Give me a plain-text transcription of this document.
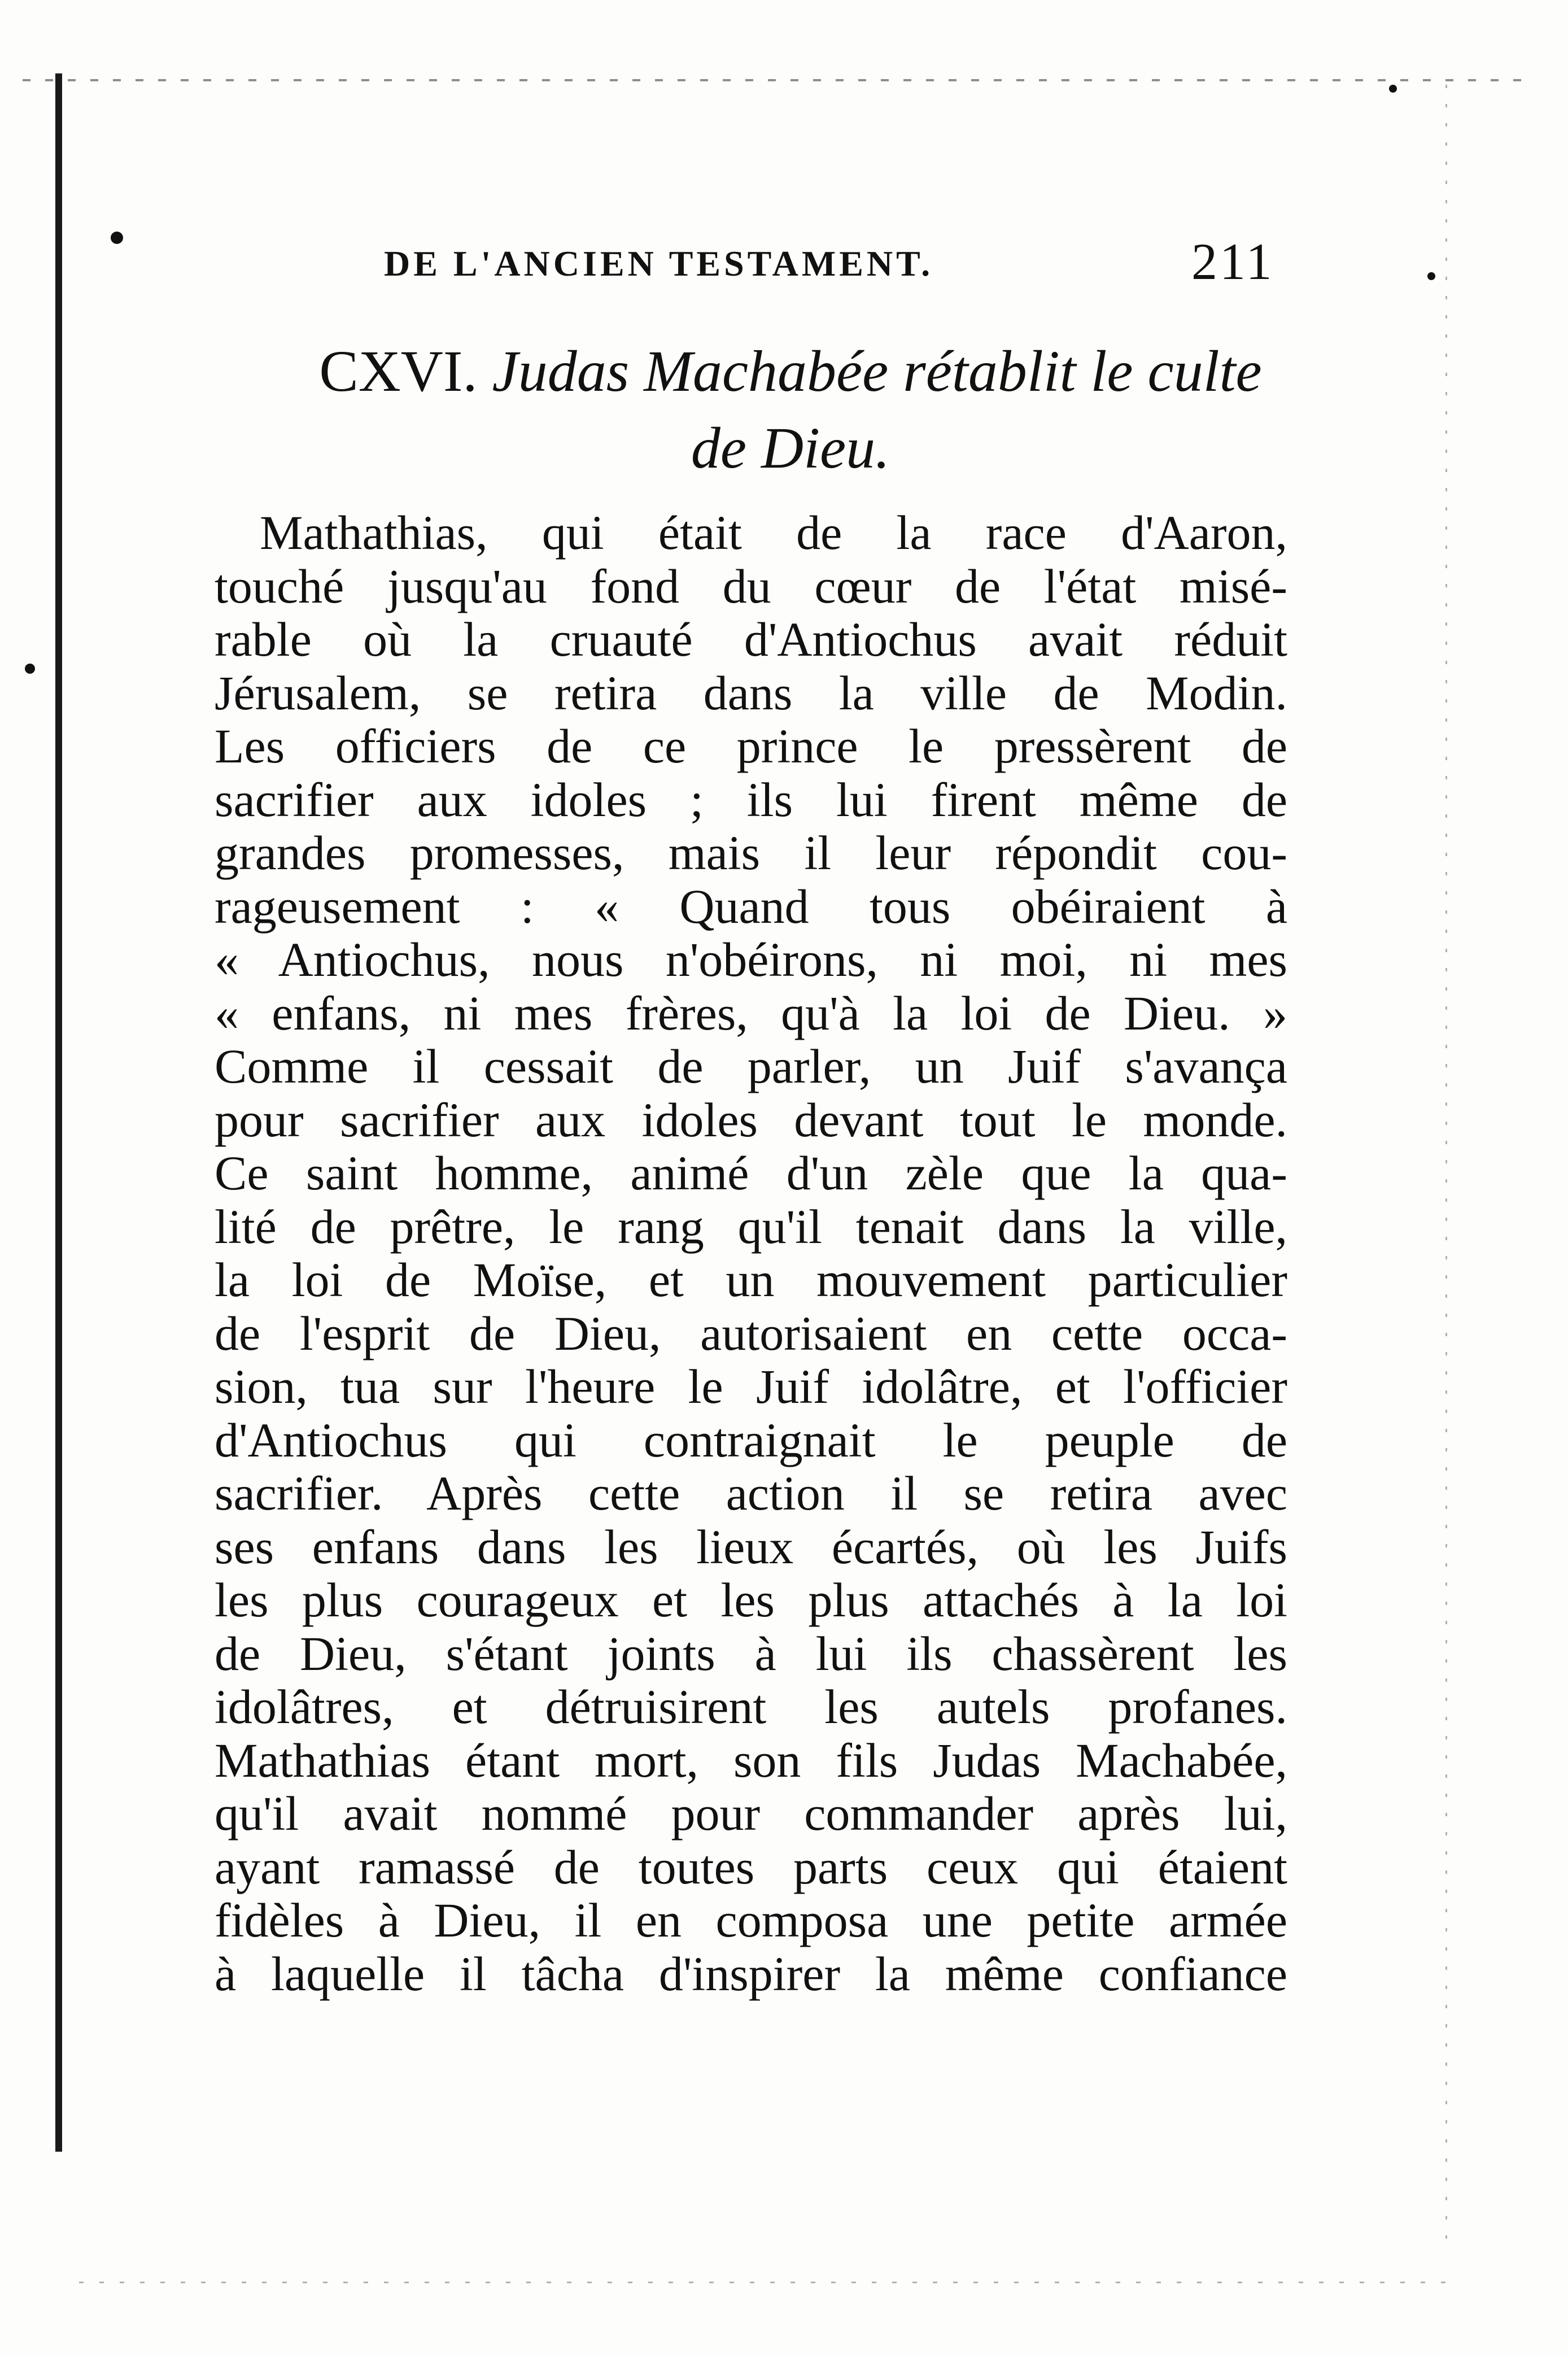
DE L'ANCIEN TESTAMENT.	211
CXVI. Judas Machabée rétablit le culte
de Dieu.
Mathathias, qui était de la race d'Aaron,
touché jusqu'au fond du cœur de l'état misé-
rable où la cruauté d'Antiochus avait réduit
Jérusalem, se retira dans la ville de Modin.
Les officiers de ce prince le pressèrent de
sacrifier aux idoles ; ils lui firent même de
grandes promesses, mais il leur répondit cou-
rageusement : « Quand tous obéiraient à
« Antiochus, nous n'obéirons, ni moi, ni mes
« enfans, ni mes frères, qu'à la loi de Dieu. »
Comme il cessait de parler, un Juif s'avança
pour sacrifier aux idoles devant tout le monde.
Ce saint homme, animé d'un zèle que la qua-
lité de prêtre, le rang qu'il tenait dans la ville,
la loi de Moïse, et un mouvement particulier
de l'esprit de Dieu, autorisaient en cette occa-
sion, tua sur l'heure le Juif idolâtre, et l'officier
d'Antiochus qui contraignait le peuple de
sacrifier. Après cette action il se retira avec
ses enfans dans les lieux écartés, où les Juifs
les plus courageux et les plus attachés à la loi
de Dieu, s'étant joints à lui ils chassèrent les
idolâtres, et détruisirent les autels profanes.
Mathathias étant mort, son fils Judas Machabée,
qu'il avait nommé pour commander après lui,
ayant ramassé de toutes parts ceux qui étaient
fidèles à Dieu, il en composa une petite armée
à laquelle il tâcha d'inspirer la même confiance
